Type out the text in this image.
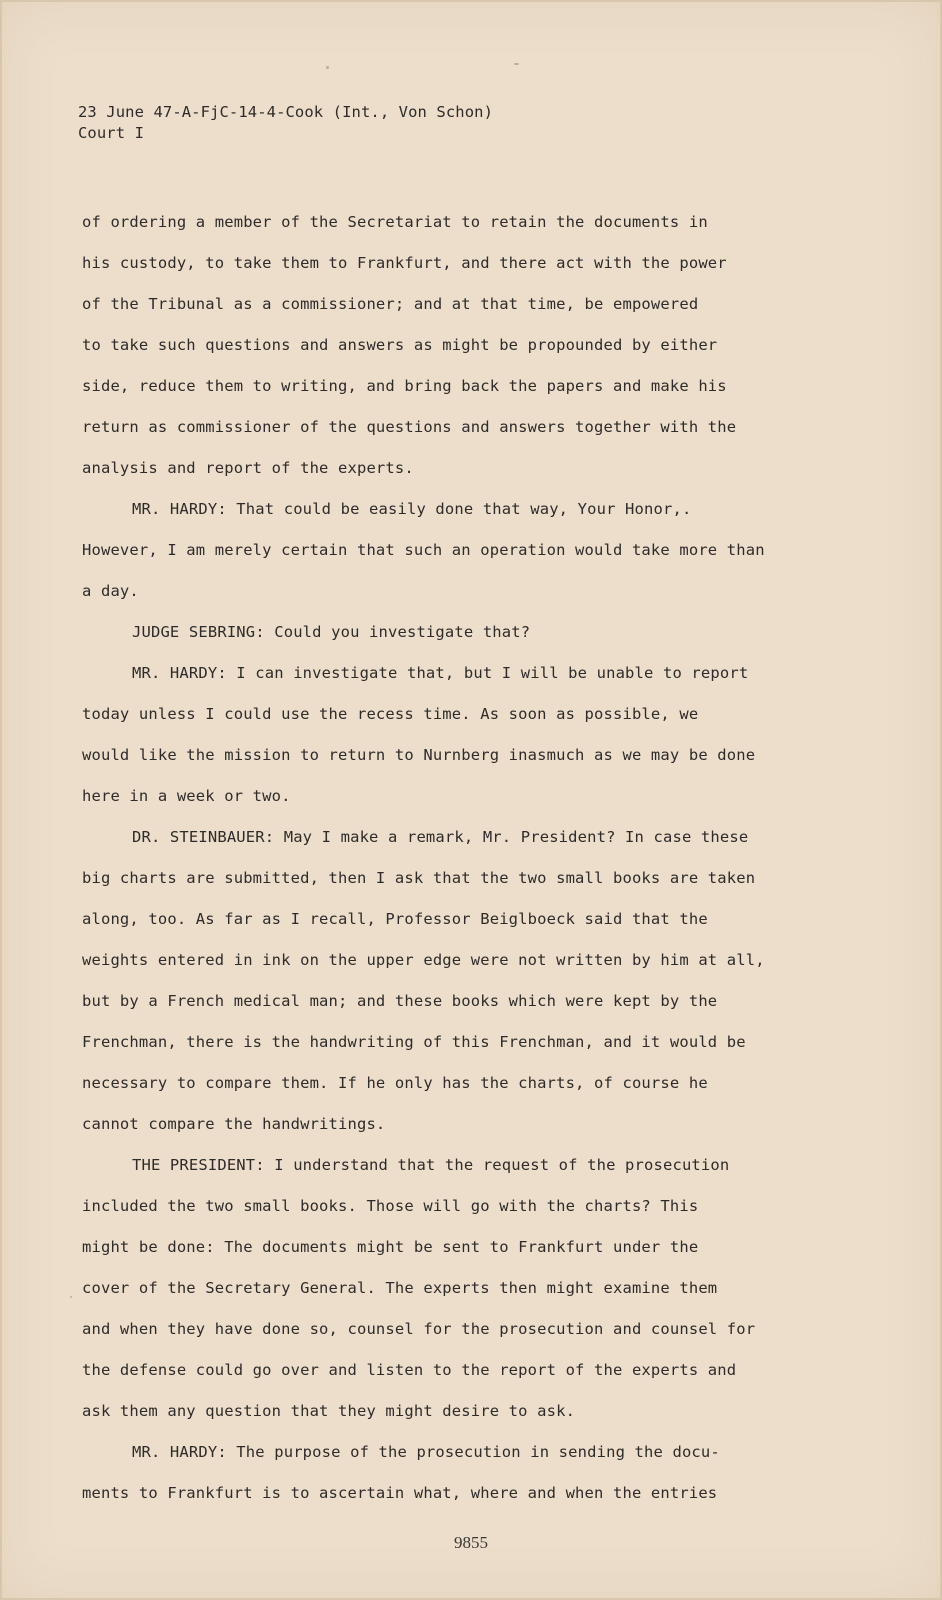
23 June 47-A-FjC-14-4-Cook (Int., Von Schon)
Court I
of ordering a member of the Secretariat to retain the documents in
his custody, to take them to Frankfurt, and there act with the power
of the Tribunal as a commissioner; and at that time, be empowered
to take such questions and answers as might be propounded by either
side, reduce them to writing, and bring back the papers and make his
return as commissioner of the questions and answers together with the
analysis and report of the experts.
MR. HARDY: That could be easily done that way, Your Honor,.
However, I am merely certain that such an operation would take more than
a day.
JUDGE SEBRING: Could you investigate that?
MR. HARDY: I can investigate that, but I will be unable to report
today unless I could use the recess time. As soon as possible, we
would like the mission to return to Nurnberg inasmuch as we may be done
here in a week or two.
DR. STEINBAUER: May I make a remark, Mr. President? In case these
big charts are submitted, then I ask that the two small books are taken
along, too. As far as I recall, Professor Beiglboeck said that the
weights entered in ink on the upper edge were not written by him at all,
but by a French medical man; and these books which were kept by the
Frenchman, there is the handwriting of this Frenchman, and it would be
necessary to compare them. If he only has the charts, of course he
cannot compare the handwritings.
THE PRESIDENT: I understand that the request of the prosecution
included the two small books. Those will go with the charts? This
might be done: The documents might be sent to Frankfurt under the
cover of the Secretary General. The experts then might examine them
and when they have done so, counsel for the prosecution and counsel for
the defense could go over and listen to the report of the experts and
ask them any question that they might desire to ask.
MR. HARDY: The purpose of the prosecution in sending the docu-
ments to Frankfurt is to ascertain what, where and when the entries
9855
